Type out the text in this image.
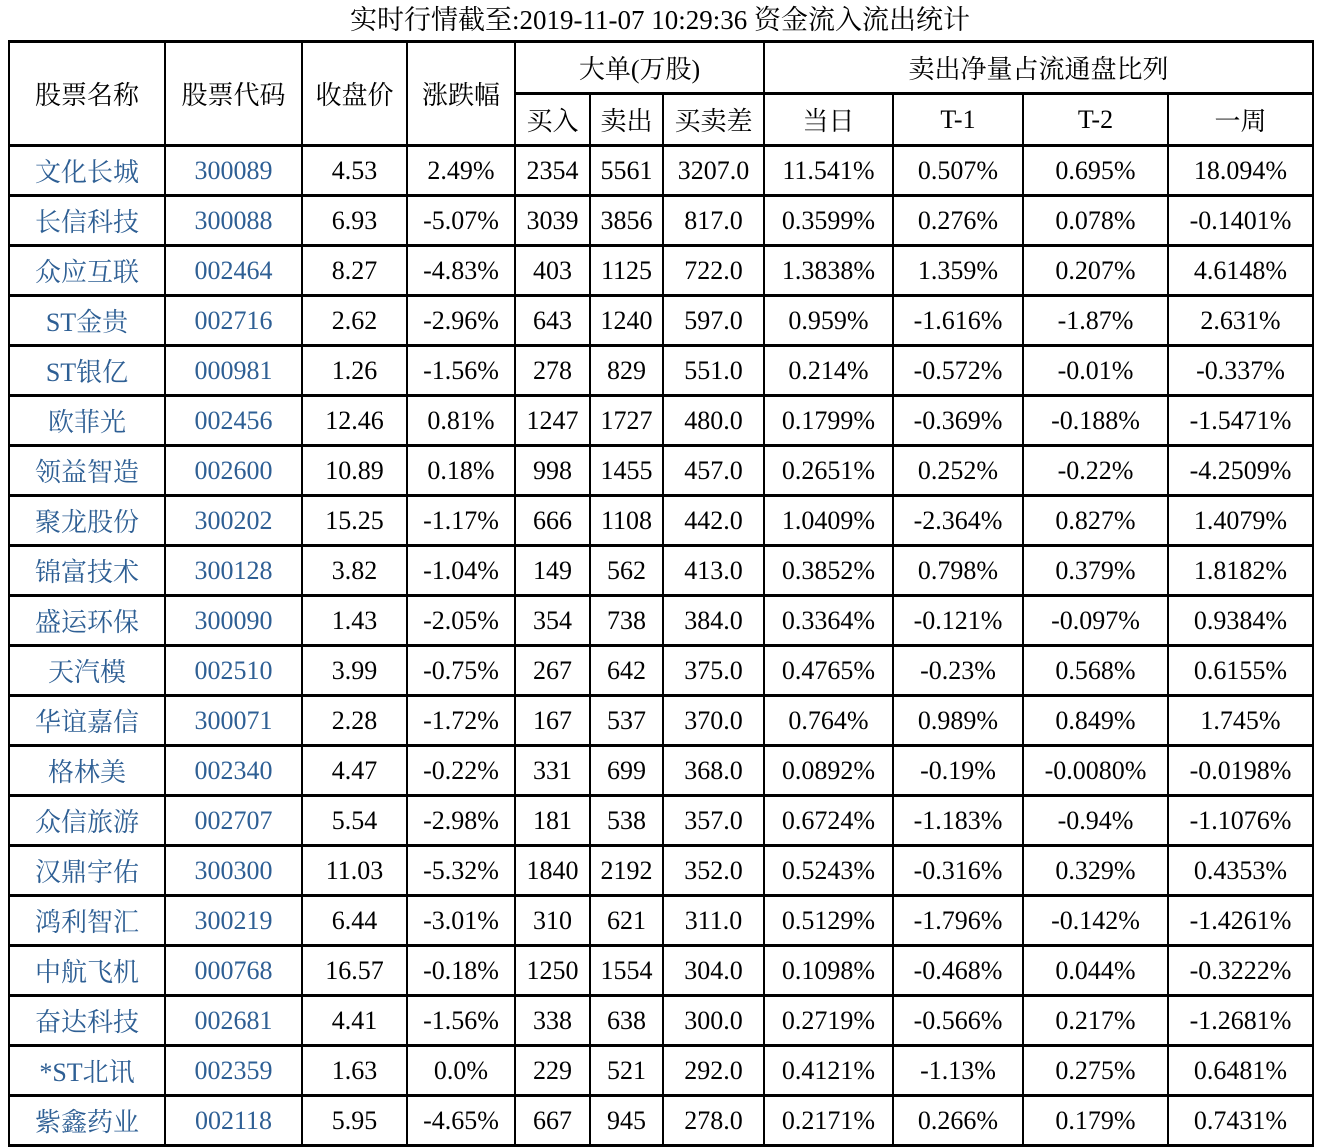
实时行情截至:2019-11-07 10:29:36 资金流入流出统计
股票名称	股票代码	收盘价	涨跌幅	大单(万股)			卖出净量占流通盘比列			
				买入	卖出	买卖差	当日	T-1	T-2	一周
文化长城	300089	4.53	2.49%	2354	5561	3207.0	11.541%	0.507%	0.695%	18.094%
长信科技	300088	6.93	-5.07%	3039	3856	817.0	0.3599%	0.276%	0.078%	-0.1401%
众应互联	002464	8.27	-4.83%	403	1125	722.0	1.3838%	1.359%	0.207%	4.6148%
ST金贵	002716	2.62	-2.96%	643	1240	597.0	0.959%	-1.616%	-1.87%	2.631%
ST银亿	000981	1.26	-1.56%	278	829	551.0	0.214%	-0.572%	-0.01%	-0.337%
欧菲光	002456	12.46	0.81%	1247	1727	480.0	0.1799%	-0.369%	-0.188%	-1.5471%
领益智造	002600	10.89	0.18%	998	1455	457.0	0.2651%	0.252%	-0.22%	-4.2509%
聚龙股份	300202	15.25	-1.17%	666	1108	442.0	1.0409%	-2.364%	0.827%	1.4079%
锦富技术	300128	3.82	-1.04%	149	562	413.0	0.3852%	0.798%	0.379%	1.8182%
盛运环保	300090	1.43	-2.05%	354	738	384.0	0.3364%	-0.121%	-0.097%	0.9384%
天汽模	002510	3.99	-0.75%	267	642	375.0	0.4765%	-0.23%	0.568%	0.6155%
华谊嘉信	300071	2.28	-1.72%	167	537	370.0	0.764%	0.989%	0.849%	1.745%
格林美	002340	4.47	-0.22%	331	699	368.0	0.0892%	-0.19%	-0.0080%	-0.0198%
众信旅游	002707	5.54	-2.98%	181	538	357.0	0.6724%	-1.183%	-0.94%	-1.1076%
汉鼎宇佑	300300	11.03	-5.32%	1840	2192	352.0	0.5243%	-0.316%	0.329%	0.4353%
鸿利智汇	300219	6.44	-3.01%	310	621	311.0	0.5129%	-1.796%	-0.142%	-1.4261%
中航飞机	000768	16.57	-0.18%	1250	1554	304.0	0.1098%	-0.468%	0.044%	-0.3222%
奋达科技	002681	4.41	-1.56%	338	638	300.0	0.2719%	-0.566%	0.217%	-1.2681%
*ST北讯	002359	1.63	0.0%	229	521	292.0	0.4121%	-1.13%	0.275%	0.6481%
紫鑫药业	002118	5.95	-4.65%	667	945	278.0	0.2171%	0.266%	0.179%	0.7431%
